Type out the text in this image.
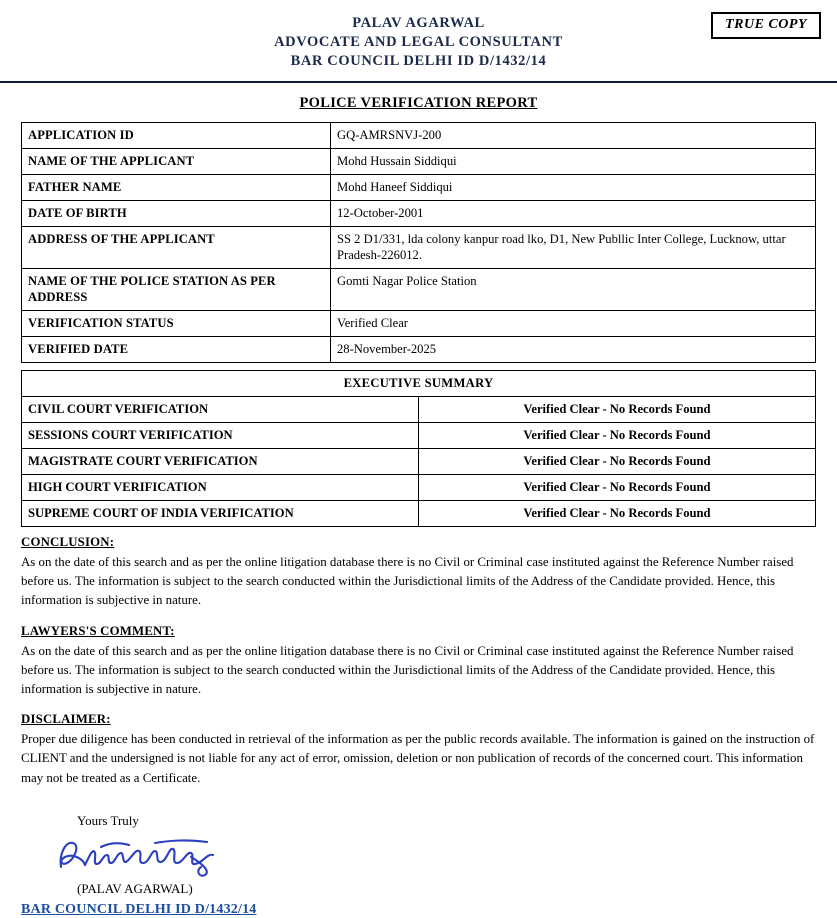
TRUE COPY
PALAV AGARWAL
ADVOCATE AND LEGAL CONSULTANT
BAR COUNCIL DELHI ID D/1432/14
POLICE VERIFICATION REPORT
APPLICATION ID	GQ-AMRSNVJ-200
NAME OF THE APPLICANT	Mohd Hussain Siddiqui
FATHER NAME	Mohd Haneef Siddiqui
DATE OF BIRTH	12-October-2001
ADDRESS OF THE APPLICANT	SS 2 D1/331, lda colony kanpur road lko, D1, New Publlic Inter College, Lucknow, uttar Pradesh-226012.
NAME OF THE POLICE STATION AS PER ADDRESS	Gomti Nagar Police Station
VERIFICATION STATUS	Verified Clear
VERIFIED DATE	28-November-2025
EXECUTIVE SUMMARY	
CIVIL COURT VERIFICATION	Verified Clear - No Records Found
SESSIONS COURT VERIFICATION	Verified Clear - No Records Found
MAGISTRATE COURT VERIFICATION	Verified Clear - No Records Found
HIGH COURT VERIFICATION	Verified Clear - No Records Found
SUPREME COURT OF INDIA VERIFICATION	Verified Clear - No Records Found
CONCLUSION:
As on the date of this search and as per the online litigation database there is no Civil or Criminal case instituted against the Reference Number raised before us. The information is subject to the search conducted within the Jurisdictional limits of the Address of the Candidate provided. Hence, this information is subjective in nature.
LAWYERS'S COMMENT:
As on the date of this search and as per the online litigation database there is no Civil or Criminal case instituted against the Reference Number raised before us. The information is subject to the search conducted within the Jurisdictional limits of the Address of the Candidate provided. Hence, this information is subjective in nature.
DISCLAIMER:
Proper due diligence has been conducted in retrieval of the information as per the public records available. The information is gained on the instruction of CLIENT and the undersigned is not liable for any act of error, omission, deletion or non publication of records of the concerned court. This information may not be treated as a Certificate.
Yours Truly
(PALAV AGARWAL)
BAR COUNCIL DELHI ID D/1432/14
